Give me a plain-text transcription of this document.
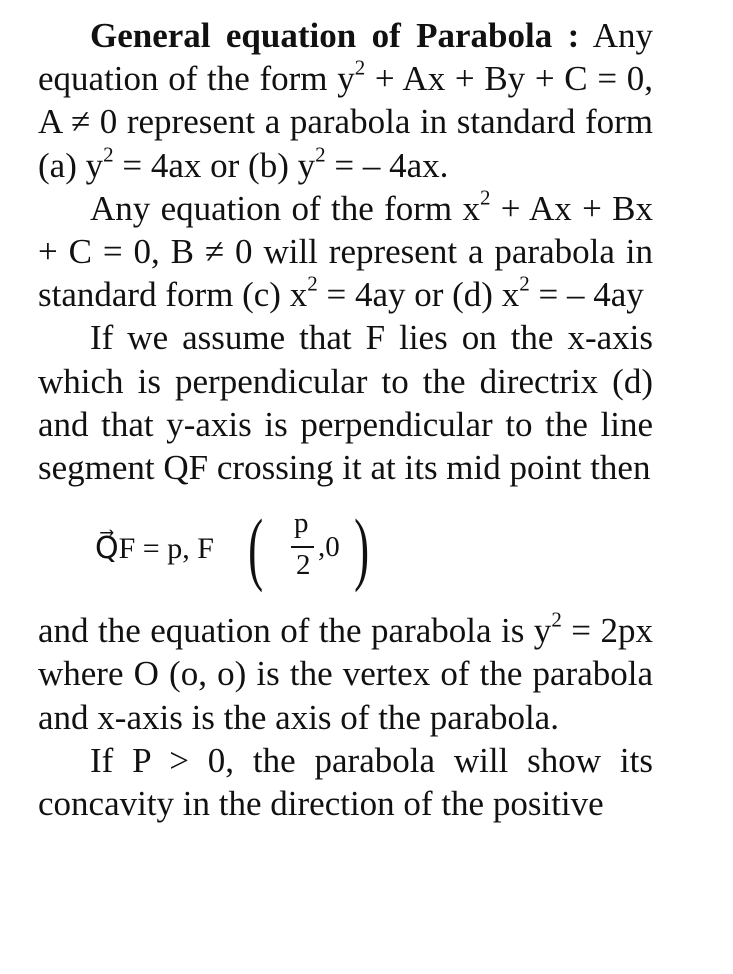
General equation of Parabola : Any equation of the form $y^2 + Ax + By + C = 0$, A ≠ 0 represent a parabola in standard form (a) $y^2 = 4ax$ or (b) $y^2$ = – 4ax.

Any equation of the form $x^2 + Ax + Bx + C = 0$, B ≠ 0 will represent a parabola in standard form (c) $x^2 = 4ay$ or (d) $x^2$ = – 4ay

If we assume that F lies on the x-axis which is perpendicular to the directrix (d) and that y-axis is perpendicular to the line segment QF crossing it at its mid point then

Q⃗F = p, F ( p
2
,0 )

and the equation of the parabola is $y^2 = 2px$ where O (o, o) is the vertex of the parabola and x-axis is the axis of the parabola.

If P > 0, the parabola will show its concavity in the direction of the positive
